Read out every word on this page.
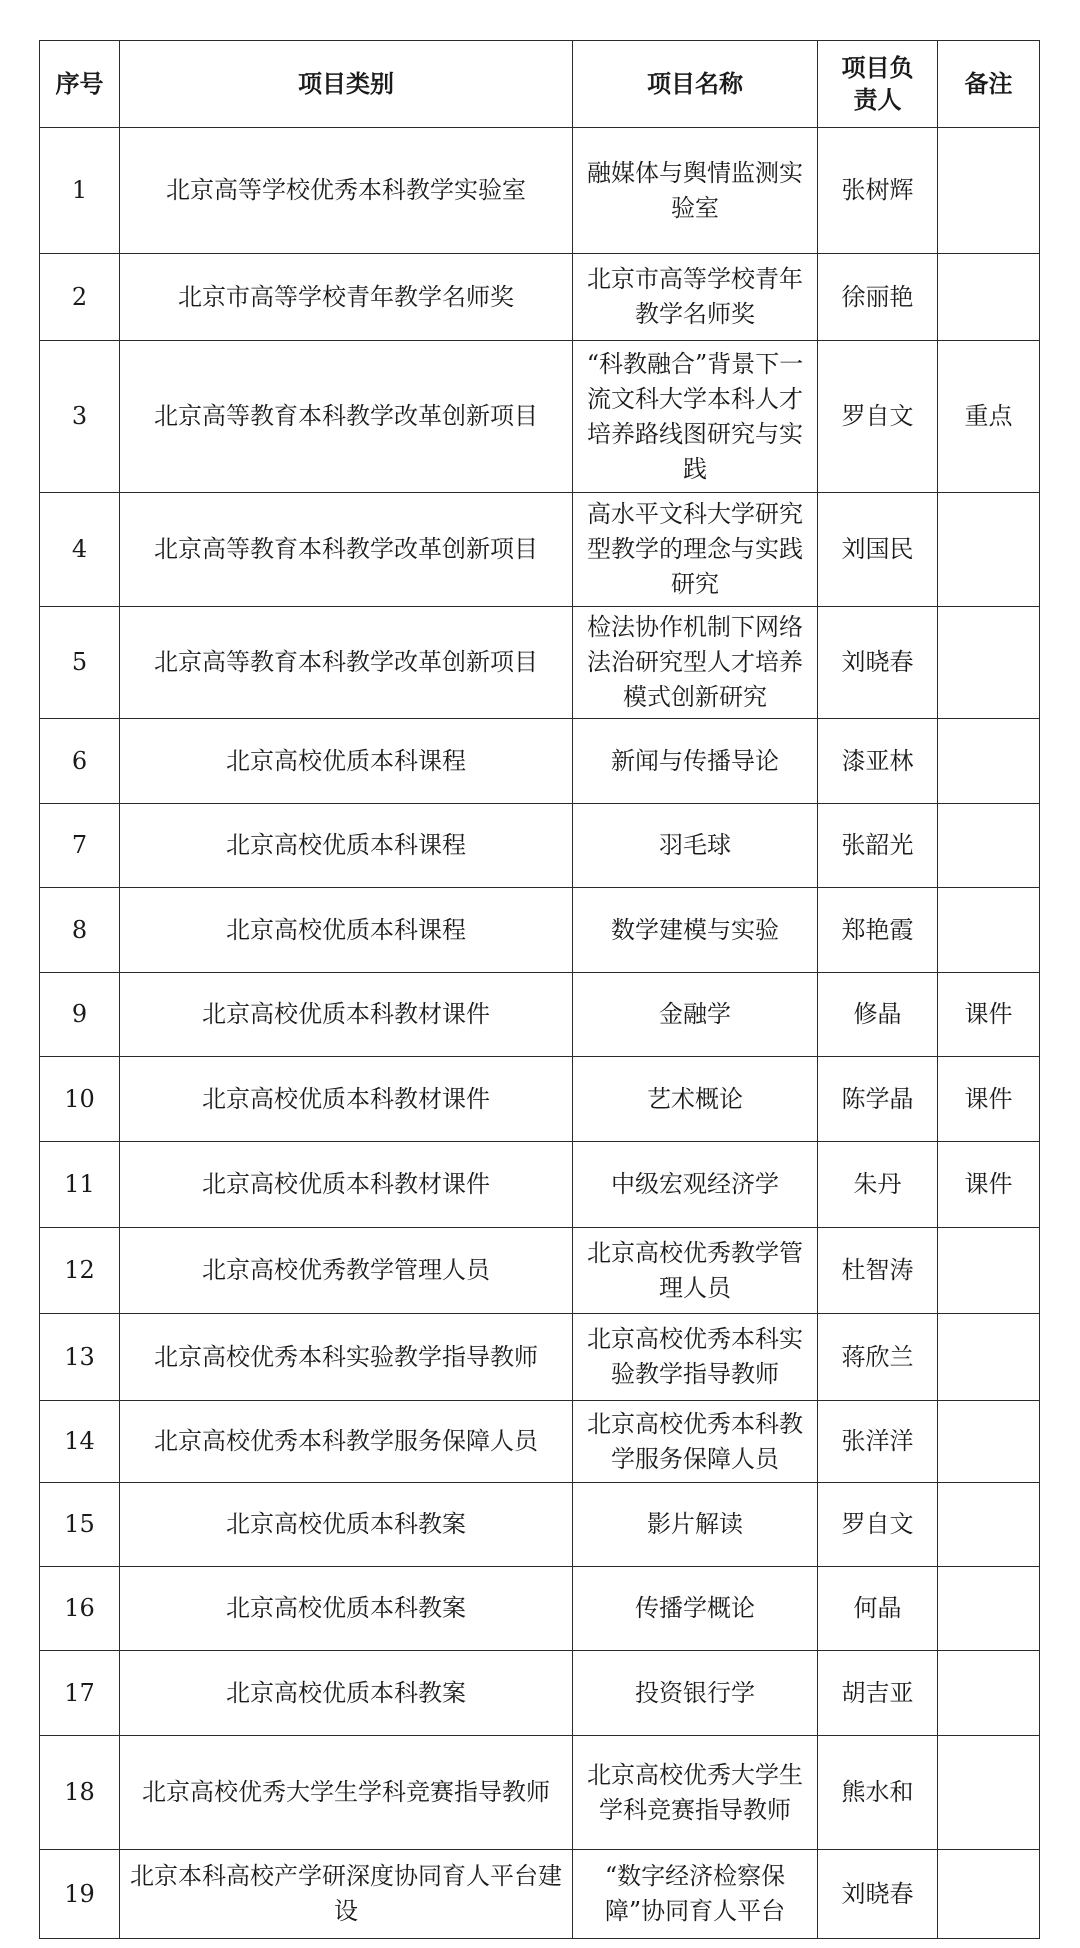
序号	项目类别	项目名称	项目负责人	备注
1	北京高等学校优秀本科教学实验室	融媒体与舆情监测实验室	张树辉	
2	北京市高等学校青年教学名师奖	北京市高等学校青年教学名师奖	徐丽艳	
3	北京高等教育本科教学改革创新项目	“科教融合”背景下一流文科大学本科人才培养路线图研究与实践	罗自文	重点
4	北京高等教育本科教学改革创新项目	高水平文科大学研究型教学的理念与实践研究	刘国民	
5	北京高等教育本科教学改革创新项目	检法协作机制下网络法治研究型人才培养模式创新研究	刘晓春	
6	北京高校优质本科课程	新闻与传播导论	漆亚林	
7	北京高校优质本科课程	羽毛球	张韶光	
8	北京高校优质本科课程	数学建模与实验	郑艳霞	
9	北京高校优质本科教材课件	金融学	修晶	课件
10	北京高校优质本科教材课件	艺术概论	陈学晶	课件
11	北京高校优质本科教材课件	中级宏观经济学	朱丹	课件
12	北京高校优秀教学管理人员	北京高校优秀教学管理人员	杜智涛	
13	北京高校优秀本科实验教学指导教师	北京高校优秀本科实验教学指导教师	蒋欣兰	
14	北京高校优秀本科教学服务保障人员	北京高校优秀本科教学服务保障人员	张洋洋	
15	北京高校优质本科教案	影片解读	罗自文	
16	北京高校优质本科教案	传播学概论	何晶	
17	北京高校优质本科教案	投资银行学	胡吉亚	
18	北京高校优秀大学生学科竞赛指导教师	北京高校优秀大学生学科竞赛指导教师	熊水和	
19	北京本科高校产学研深度协同育人平台建设	“数字经济检察保障”协同育人平台	刘晓春	
